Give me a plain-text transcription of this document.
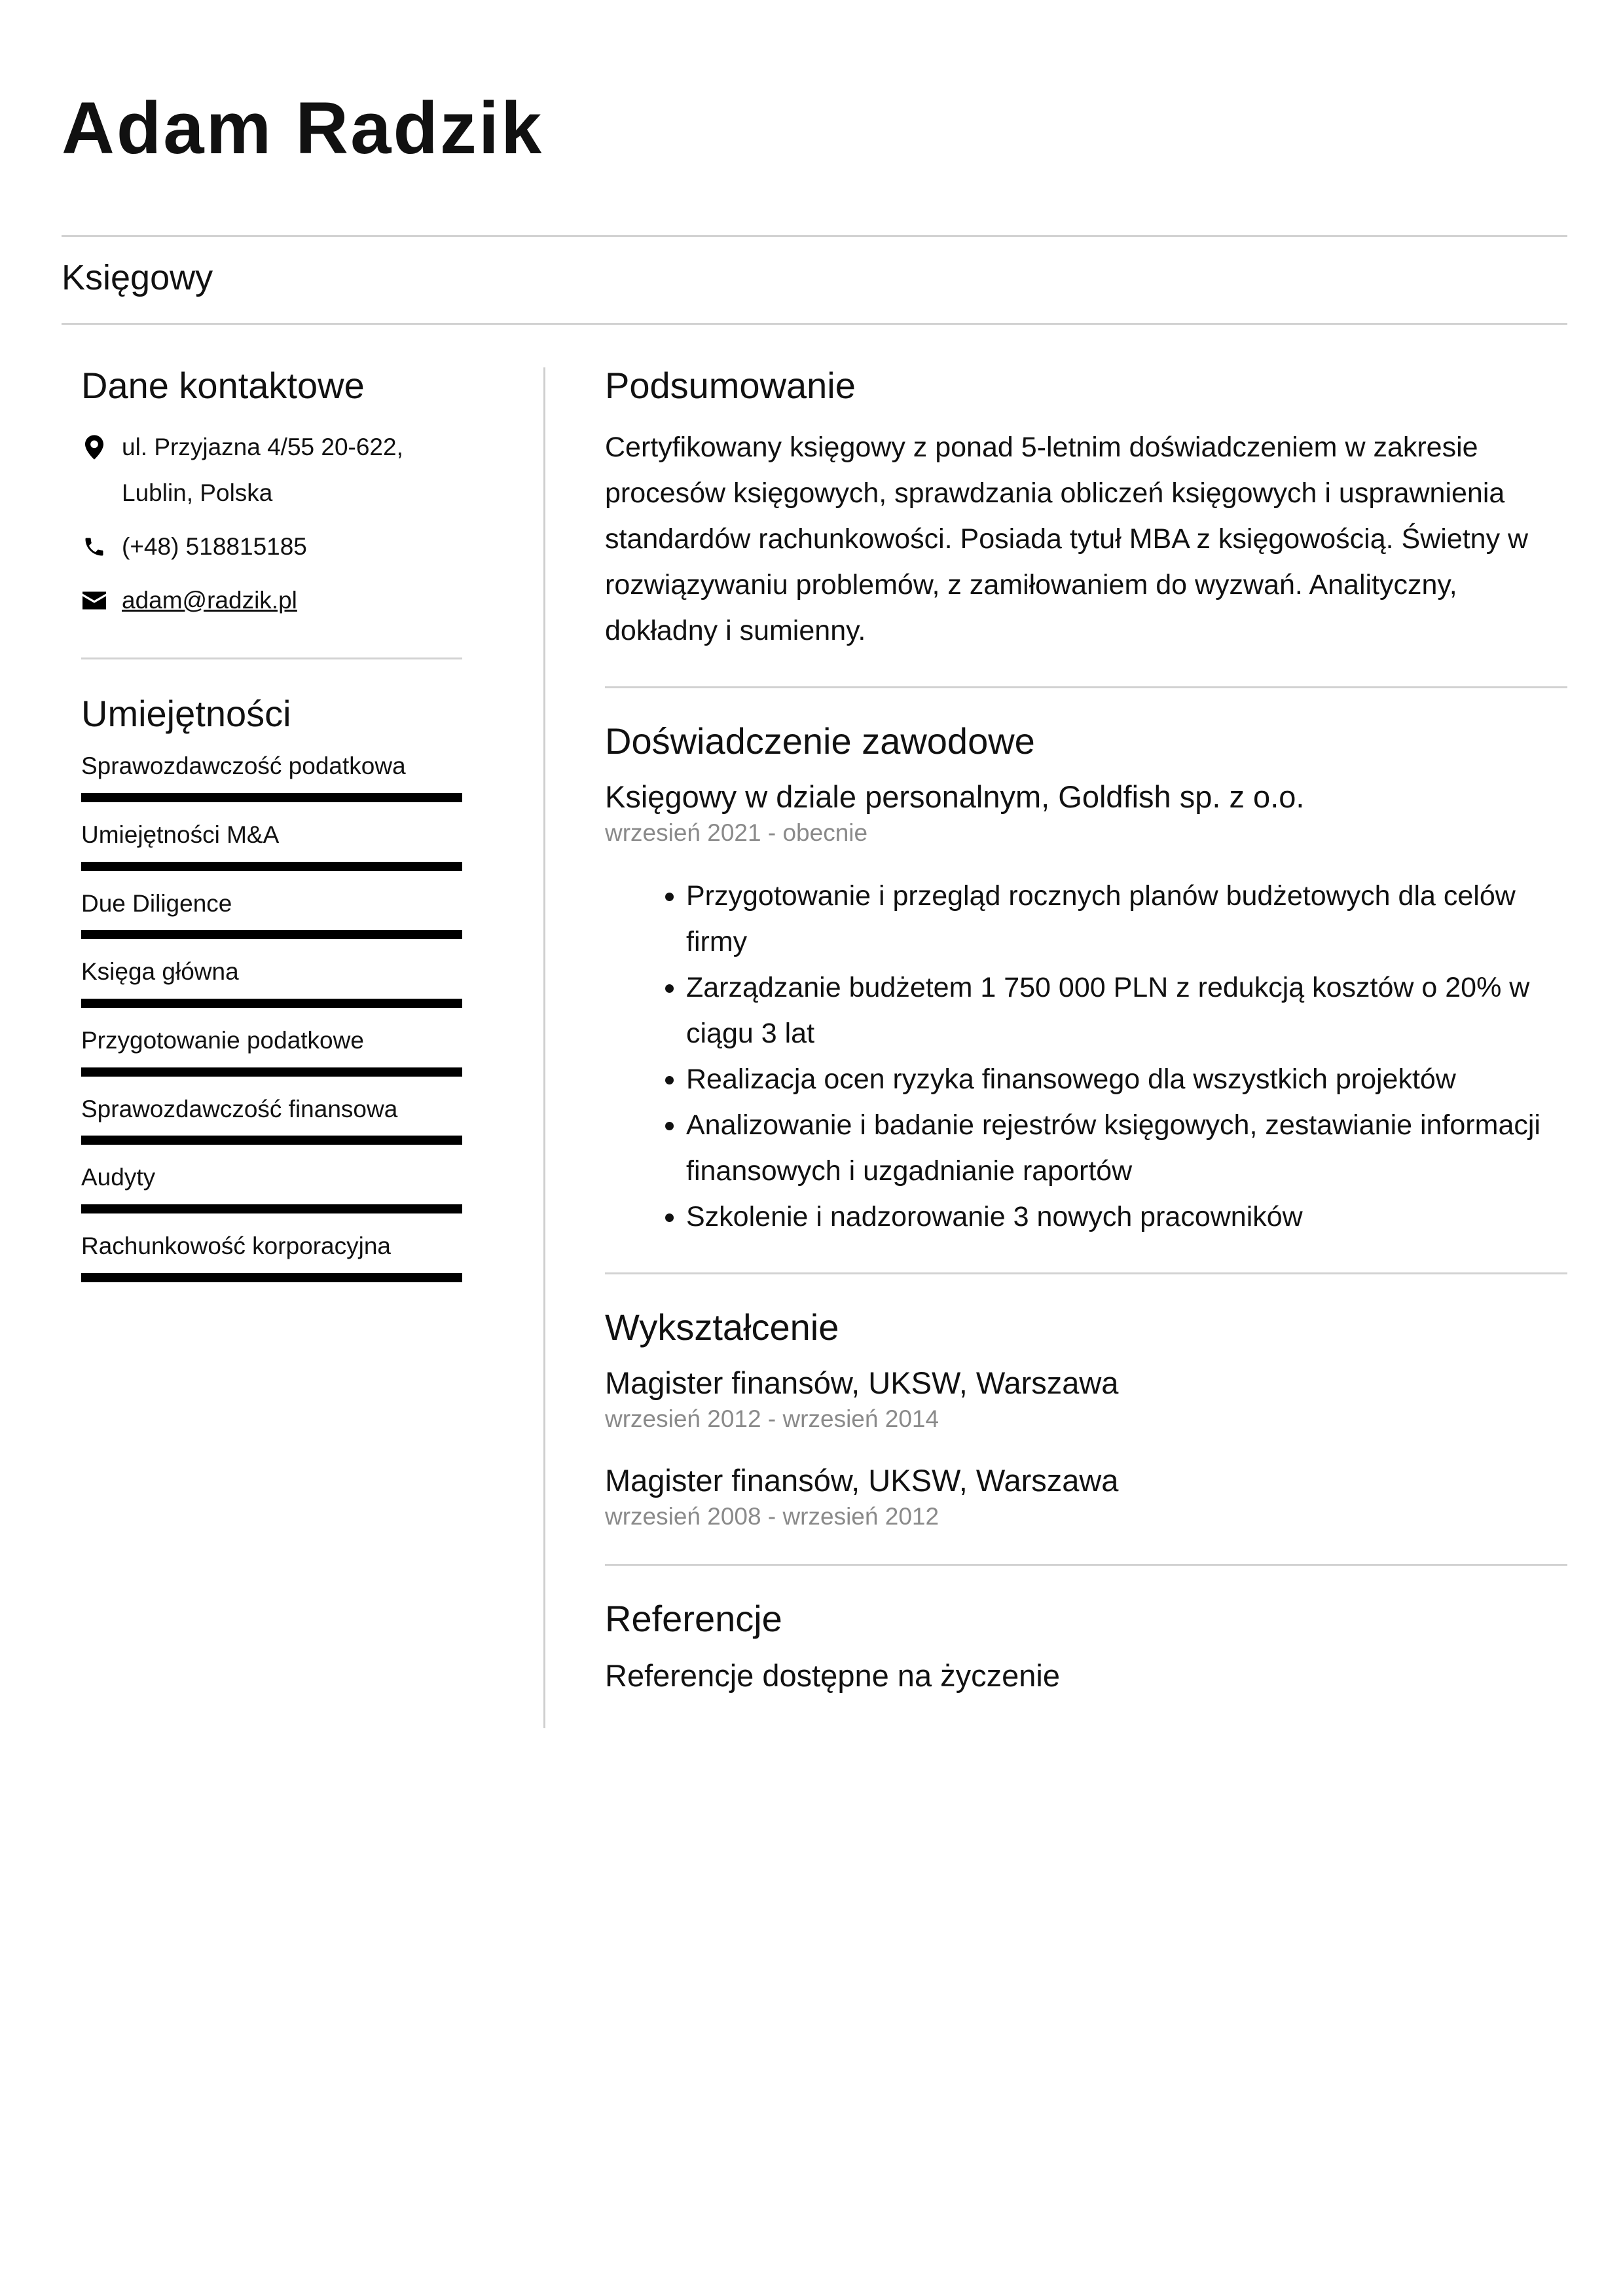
Adam Radzik
Księgowy
Dane kontaktowe
ul. Przyjazna 4/55 20-622,
Lublin, Polska
(+48) 518815185
adam@radzik.pl
Umiejętności
Sprawozdawczość podatkowa
Umiejętności M&A
Due Diligence
Księga główna
Przygotowanie podatkowe
Sprawozdawczość finansowa
Audyty
Rachunkowość korporacyjna
Podsumowanie

Certyfikowany księgowy z ponad 5-letnim doświadczeniem w zakresie procesów księgowych, sprawdzania obliczeń księgowych i usprawnienia standardów rachunkowości. Posiada tytuł MBA z księgowością. Świetny w rozwiązywaniu problemów, z zamiłowaniem do wyzwań. Analityczny, dokładny i sumienny.

Doświadczenie zawodowe

Księgowy w dziale personalnym, Goldfish sp. z o.o.

wrzesień 2021 - obecnie

• Przygotowanie i przegląd rocznych planów budżetowych dla celów firmy
• Zarządzanie budżetem 1 750 000 PLN z redukcją kosztów o 20% w ciągu 3 lat
• Realizacja ocen ryzyka finansowego dla wszystkich projektów
• Analizowanie i badanie rejestrów księgowych, zestawianie informacji finansowych i uzgadnianie raportów
• Szkolenie i nadzorowanie 3 nowych pracowników
Wykształcenie

Magister finansów, UKSW, Warszawa

wrzesień 2012 - wrzesień 2014

Magister finansów, UKSW, Warszawa

wrzesień 2008 - wrzesień 2012

Referencje

Referencje dostępne na życzenie
